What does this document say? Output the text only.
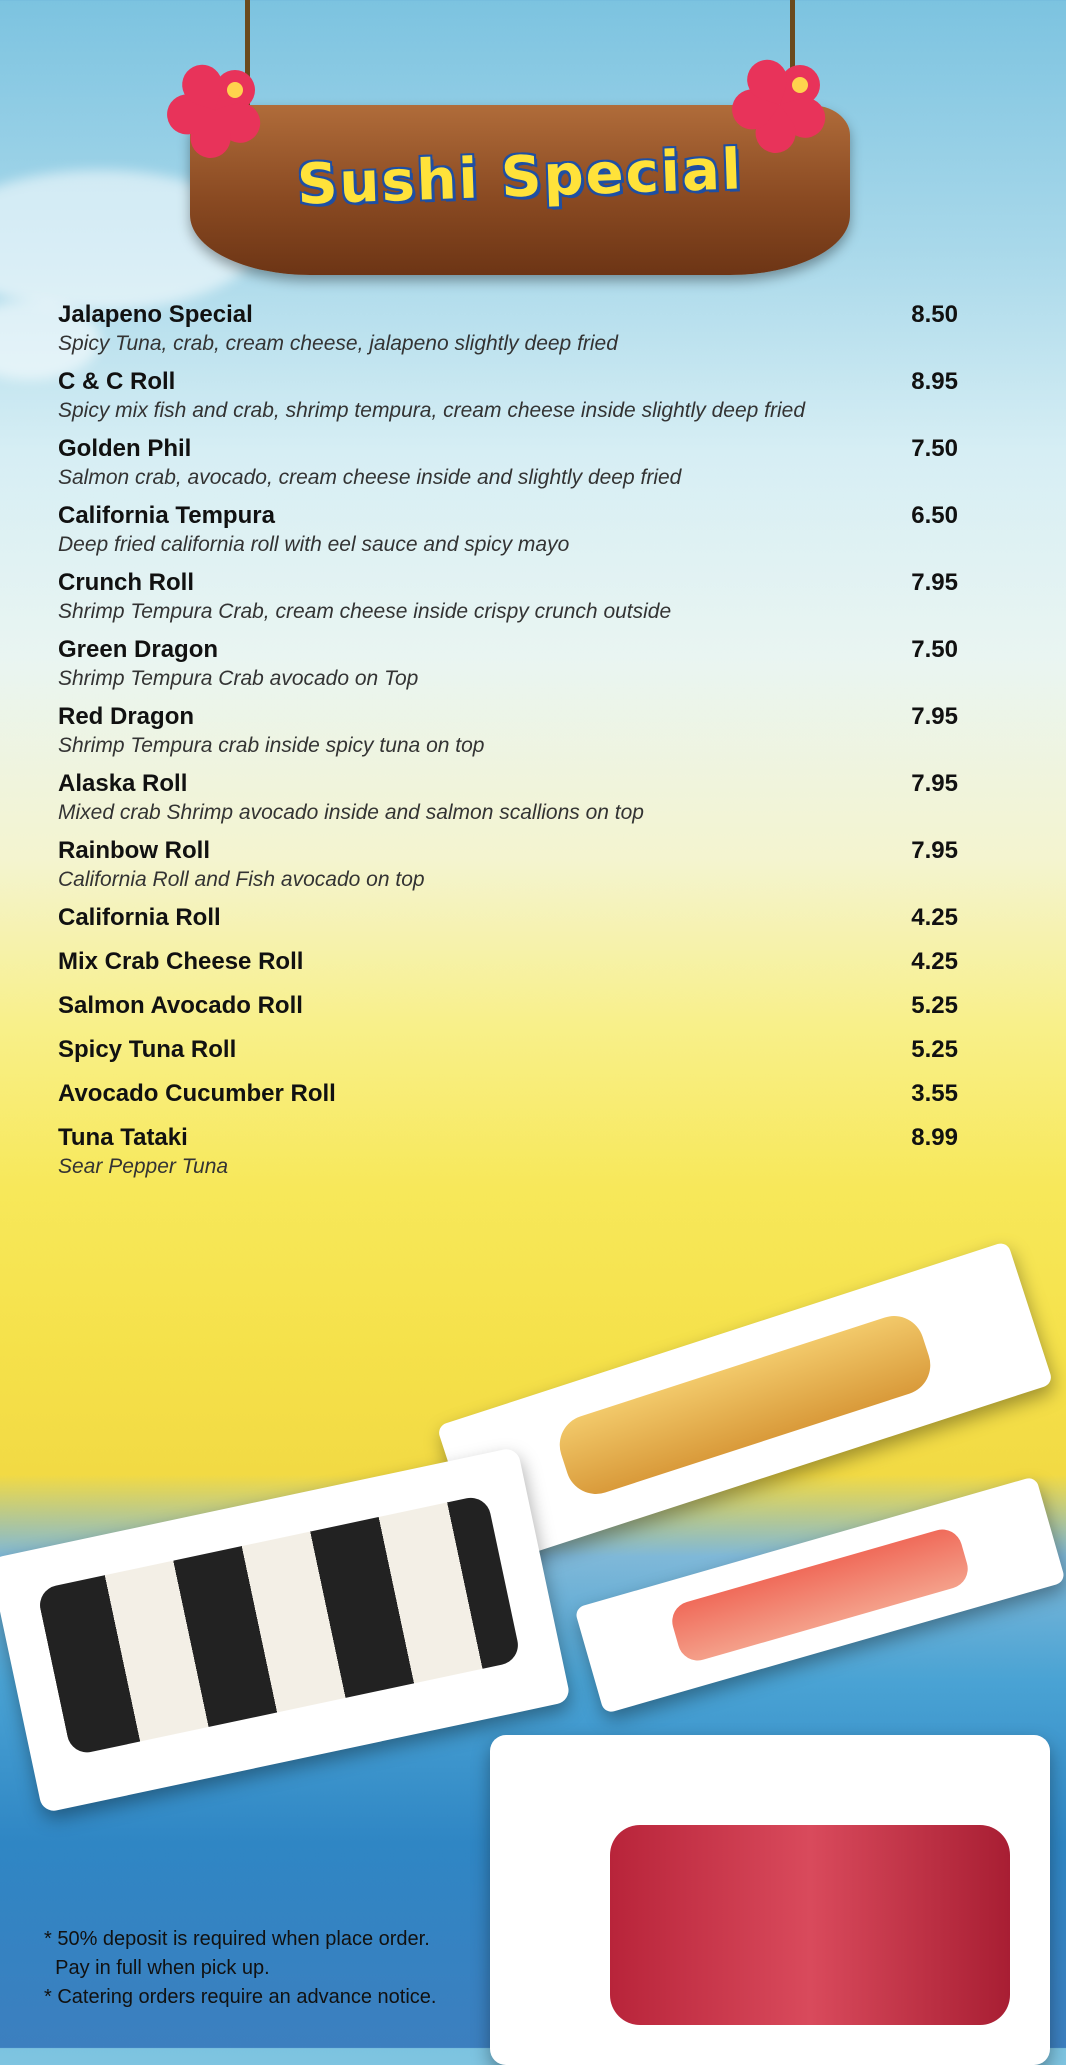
Sushi Special
Jalapeno Special	8.50
Spicy Tuna, crab, cream cheese, jalapeno slightly deep fried
C & C Roll	8.95
Spicy mix fish and crab, shrimp tempura, cream cheese inside slightly deep fried
Golden Phil	7.50
Salmon crab, avocado, cream cheese inside and slightly deep fried
California Tempura	6.50
Deep fried california roll with eel sauce and spicy mayo
Crunch Roll	7.95
Shrimp Tempura Crab, cream cheese inside crispy crunch outside
Green Dragon	7.50
Shrimp Tempura Crab avocado on Top
Red Dragon	7.95
Shrimp Tempura crab inside spicy tuna on top
Alaska Roll	7.95
Mixed crab Shrimp avocado inside and salmon scallions on top
Rainbow Roll	7.95
California Roll and Fish avocado on top
California Roll	4.25
Mix Crab Cheese Roll	4.25
Salmon Avocado Roll	5.25
Spicy Tuna Roll	5.25
Avocado Cucumber Roll	3.55
Tuna Tataki	8.99
Sear Pepper Tuna
* 50% deposit is required when place order.
Pay in full when pick up.
* Catering orders require an advance notice.
